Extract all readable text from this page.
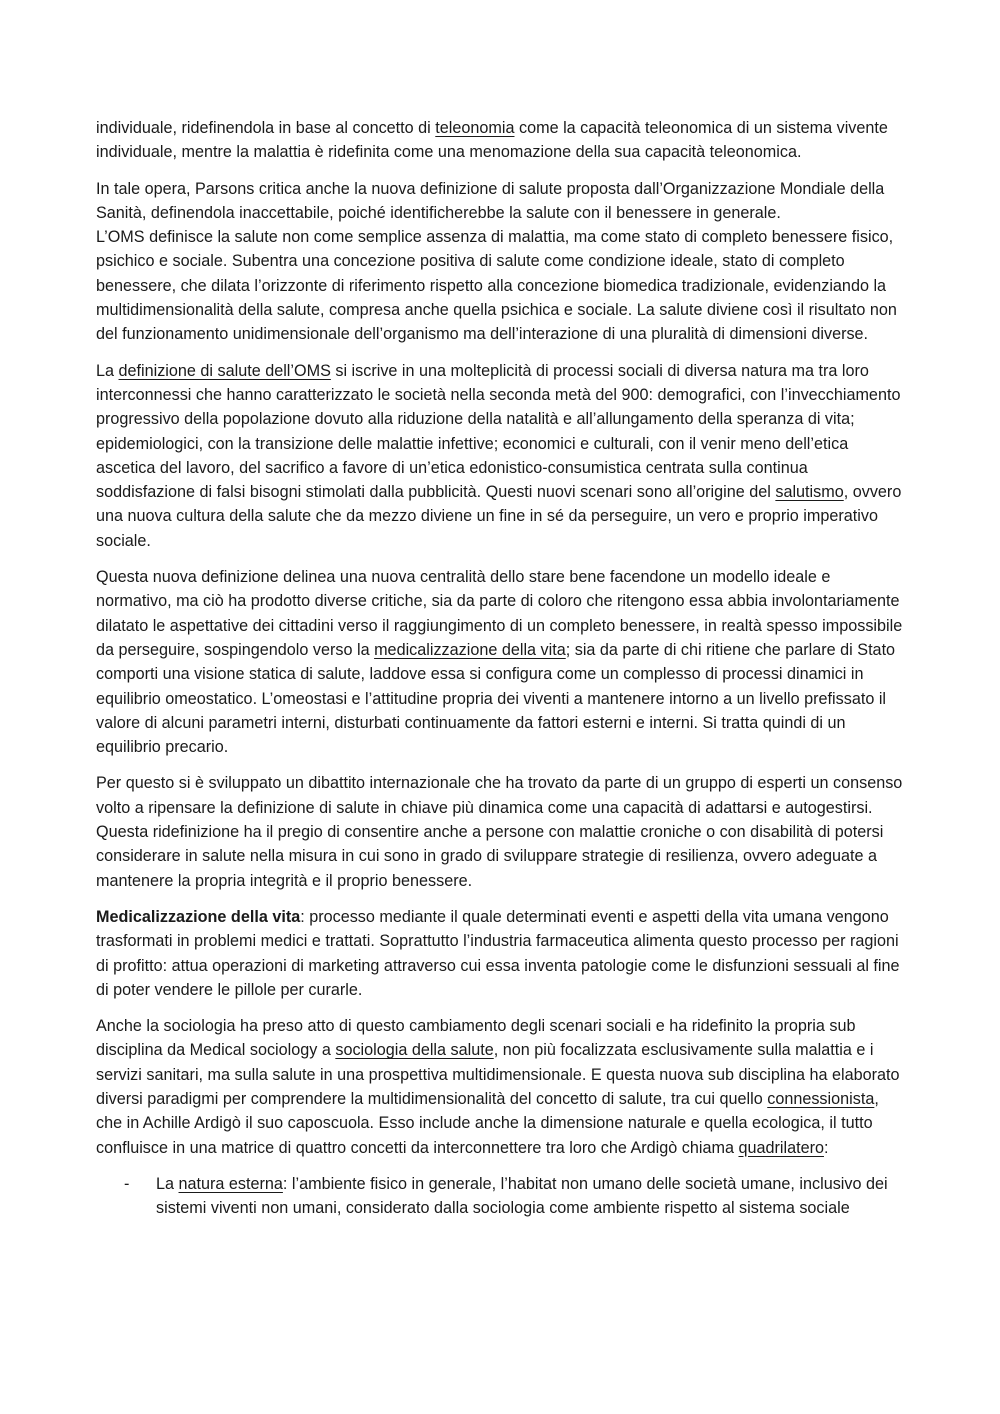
individuale, ridefinendola in base al concetto di teleonomia come la capacità teleonomica di un sistema vivente individuale, mentre la malattia è ridefinita come una menomazione della sua capacità teleonomica.

In tale opera, Parsons critica anche la nuova definizione di salute proposta dall’Organizzazione Mondiale della Sanità, definendola inaccettabile, poiché identificherebbe la salute con il benessere in generale.

L’OMS definisce la salute non come semplice assenza di malattia, ma come stato di completo benessere fisico, psichico e sociale. Subentra una concezione positiva di salute come condizione ideale, stato di completo benessere, che dilata l’orizzonte di riferimento rispetto alla concezione biomedica tradizionale, evidenziando la multidimensionalità della salute, compresa anche quella psichica e sociale. La salute diviene così il risultato non del funzionamento unidimensionale dell’organismo ma dell’interazione di una pluralità di dimensioni diverse.

La definizione di salute dell’OMS si iscrive in una molteplicità di processi sociali di diversa natura ma tra loro interconnessi che hanno caratterizzato le società nella seconda metà del 900: demografici, con l’invecchiamento progressivo della popolazione dovuto alla riduzione della natalità e all’allungamento della speranza di vita; epidemiologici, con la transizione delle malattie infettive; economici e culturali, con il venir meno dell’etica ascetica del lavoro, del sacrifico a favore di un’etica edonistico-consumistica centrata sulla continua soddisfazione di falsi bisogni stimolati dalla pubblicità. Questi nuovi scenari sono all’origine del salutismo, ovvero una nuova cultura della salute che da mezzo diviene un fine in sé da perseguire, un vero e proprio imperativo sociale.

Questa nuova definizione delinea una nuova centralità dello stare bene facendone un modello ideale e normativo, ma ciò ha prodotto diverse critiche, sia da parte di coloro che ritengono essa abbia involontariamente dilatato le aspettative dei cittadini verso il raggiungimento di un completo benessere, in realtà spesso impossibile da perseguire, sospingendolo verso la medicalizzazione della vita; sia da parte di chi ritiene che parlare di Stato comporti una visione statica di salute, laddove essa si configura come un complesso di processi dinamici in equilibrio omeostatico. L’omeostasi e l’attitudine propria dei viventi a mantenere intorno a un livello prefissato il valore di alcuni parametri interni, disturbati continuamente da fattori esterni e interni. Si tratta quindi di un equilibrio precario.

Per questo si è sviluppato un dibattito internazionale che ha trovato da parte di un gruppo di esperti un consenso volto a ripensare la definizione di salute in chiave più dinamica come una capacità di adattarsi e autogestirsi. Questa ridefinizione ha il pregio di consentire anche a persone con malattie croniche o con disabilità di potersi considerare in salute nella misura in cui sono in grado di sviluppare strategie di resilienza, ovvero adeguate a mantenere la propria integrità e il proprio benessere.

Medicalizzazione della vita: processo mediante il quale determinati eventi e aspetti della vita umana vengono trasformati in problemi medici e trattati. Soprattutto l’industria farmaceutica alimenta questo processo per ragioni di profitto: attua operazioni di marketing attraverso cui essa inventa patologie come le disfunzioni sessuali al fine di poter vendere le pillole per curarle.

Anche la sociologia ha preso atto di questo cambiamento degli scenari sociali e ha ridefinito la propria sub disciplina da Medical sociology a sociologia della salute, non più focalizzata esclusivamente sulla malattia e i servizi sanitari, ma sulla salute in una prospettiva multidimensionale. E questa nuova sub disciplina ha elaborato diversi paradigmi per comprendere la multidimensionalità del concetto di salute, tra cui quello connessionista, che in Achille Ardigò il suo caposcuola. Esso include anche la dimensione naturale e quella ecologica, il tutto confluisce in una matrice di quattro concetti da interconnettere tra loro che Ardigò chiama quadrilatero:

- La natura esterna: l’ambiente fisico in generale, l’habitat non umano delle società umane, inclusivo dei sistemi viventi non umani, considerato dalla sociologia come ambiente rispetto al sistema sociale
